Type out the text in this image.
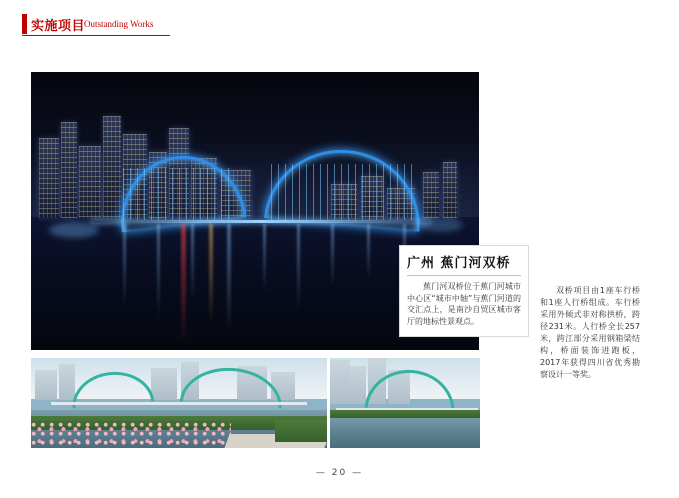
实施项目
Outstanding Works
广州 蕉门河双桥
蕉门河双桥位于蕉门河城市中心区“城市中轴”与蕉门河道的交汇点上，是南沙自贸区城市客厅的地标性景观点。
双桥项目由1座车行桥和1座人行桥组成。车行桥采用外倾式非对称拱桥，跨径231米。人行桥全长257米，跨江部分采用钢箱梁结构，桥面装饰进跑板，2017年获得四川省优秀勘察设计一等奖。
— 20 —
